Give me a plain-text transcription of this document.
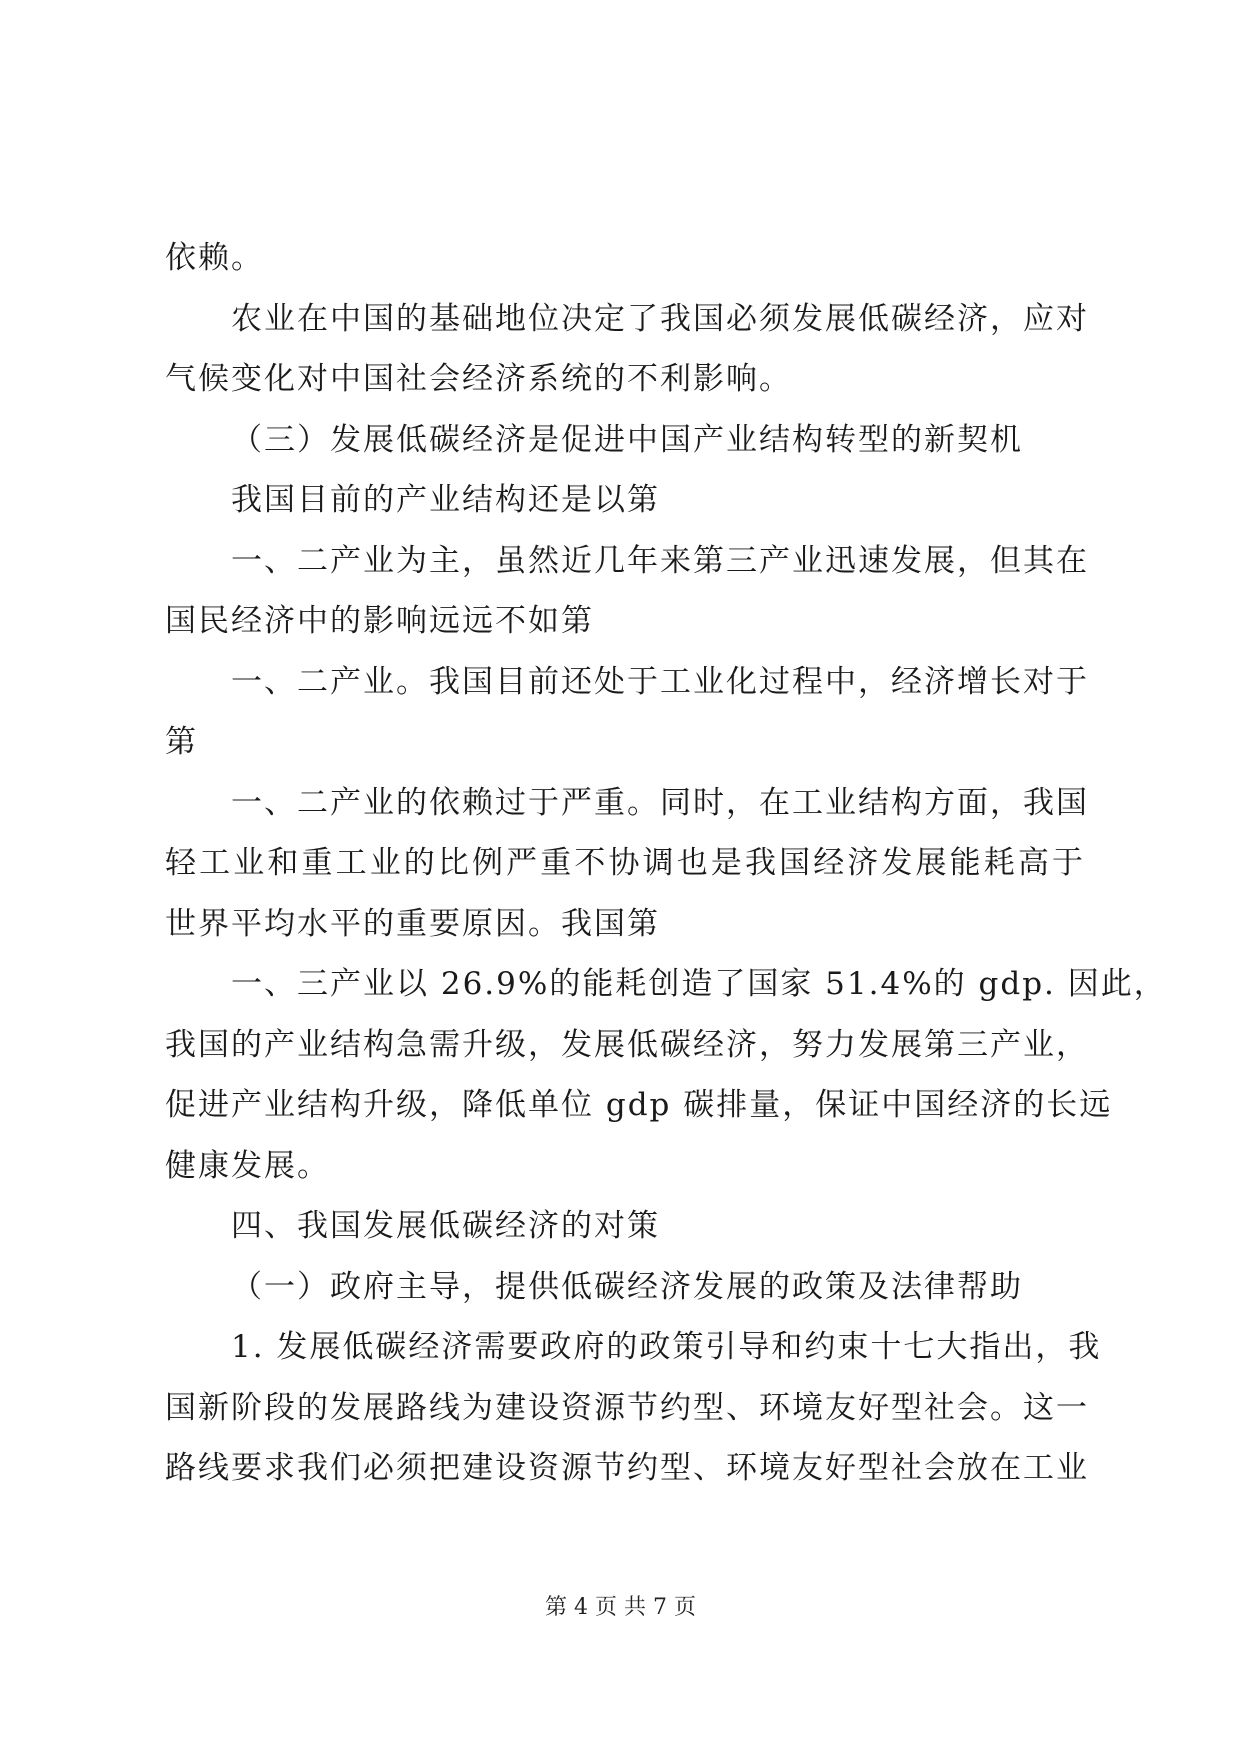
依赖。
农业在中国的基础地位决定了我国必须发展低碳经济，应对
气候变化对中国社会经济系统的不利影响。
（三）发展低碳经济是促进中国产业结构转型的新契机
我国目前的产业结构还是以第
一、二产业为主，虽然近几年来第三产业迅速发展，但其在
国民经济中的影响远远不如第
一、二产业。我国目前还处于工业化过程中，经济增长对于
第
一、二产业的依赖过于严重。同时，在工业结构方面，我国
轻工业和重工业的比例严重不协调也是我国经济发展能耗高于
世界平均水平的重要原因。我国第
一、三产业以 26.9%的能耗创造了国家 51.4%的 gdp. 因此，
我国的产业结构急需升级，发展低碳经济，努力发展第三产业，
促进产业结构升级，降低单位 gdp 碳排量，保证中国经济的长远
健康发展。
四、我国发展低碳经济的对策
（一）政府主导，提供低碳经济发展的政策及法律帮助
1. 发展低碳经济需要政府的政策引导和约束十七大指出，我
国新阶段的发展路线为建设资源节约型、环境友好型社会。这一
路线要求我们必须把建设资源节约型、环境友好型社会放在工业
第 4 页 共 7 页
